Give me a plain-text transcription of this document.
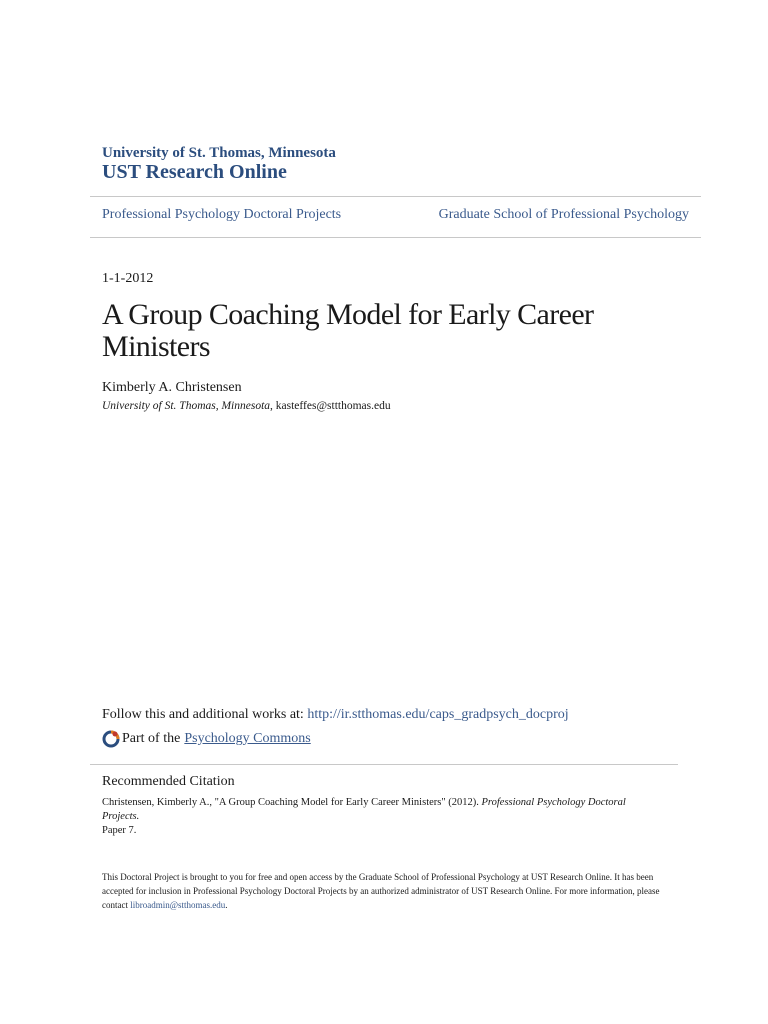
University of St. Thomas, Minnesota
UST Research Online
Professional Psychology Doctoral Projects	Graduate School of Professional Psychology
1-1-2012
A Group Coaching Model for Early Career Ministers
Kimberly A. Christensen
University of St. Thomas, Minnesota, kasteffes@sttthomas.edu
Follow this and additional works at: http://ir.stthomas.edu/caps_gradpsych_docproj
Part of the Psychology Commons
Recommended Citation
Christensen, Kimberly A., "A Group Coaching Model for Early Career Ministers" (2012). Professional Psychology Doctoral Projects.
Paper 7.
This Doctoral Project is brought to you for free and open access by the Graduate School of Professional Psychology at UST Research Online. It has been accepted for inclusion in Professional Psychology Doctoral Projects by an authorized administrator of UST Research Online. For more information, please contact libroadmin@stthomas.edu.
